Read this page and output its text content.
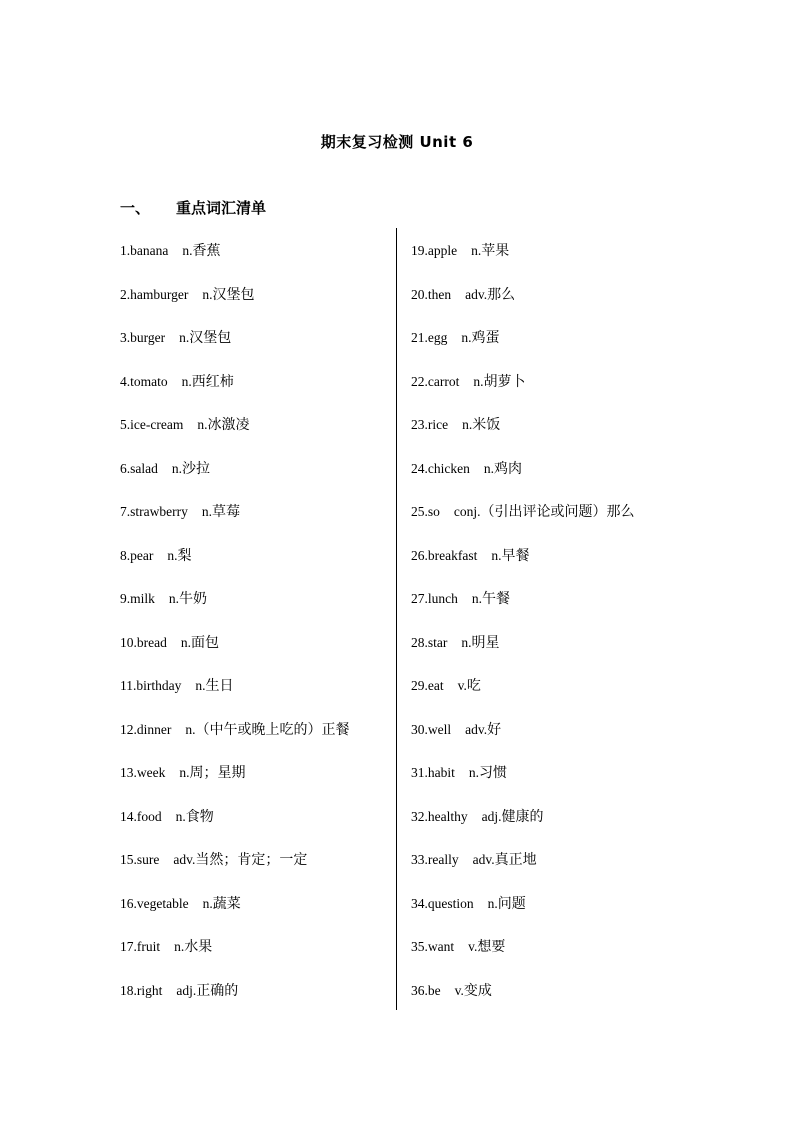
期末复习检测 Unit 6
一、 重点词汇清单
1.banana n.香蕉
2.hamburger n.汉堡包
3.burger n.汉堡包
4.tomato n.西红柿
5.ice-cream n.冰激凌
6.salad n.沙拉
7.strawberry n.草莓
8.pear n.梨
9.milk n.牛奶
10.bread n.面包
11.birthday n.生日
12.dinner n.（中午或晚上吃的）正餐
13.week n.周；星期
14.food n.食物
15.sure adv.当然；肯定；一定
16.vegetable n.蔬菜
17.fruit n.水果
18.right adj.正确的
19.apple n.苹果
20.then adv.那么
21.egg n.鸡蛋
22.carrot n.胡萝卜
23.rice n.米饭
24.chicken n.鸡肉
25.so conj.（引出评论或问题）那么
26.breakfast n.早餐
27.lunch n.午餐
28.star n.明星
29.eat v.吃
30.well adv.好
31.habit n.习惯
32.healthy adj.健康的
33.really adv.真正地
34.question n.问题
35.want v.想要
36.be v.变成
